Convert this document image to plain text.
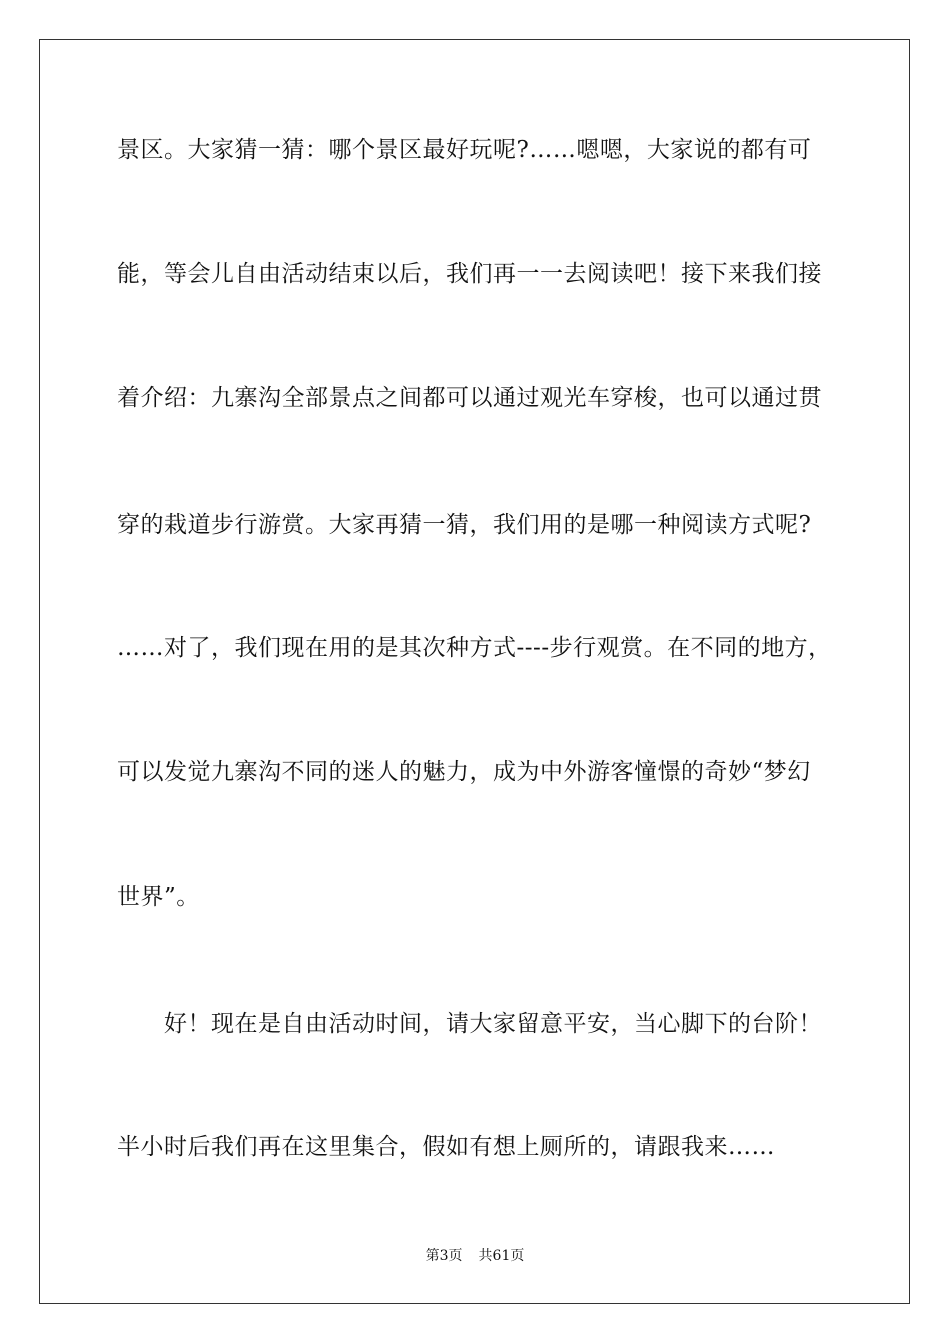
景区。大家猜一猜：哪个景区最好玩呢?……嗯嗯，大家说的都有可
能，等会儿自由活动结束以后，我们再一一去阅读吧！接下来我们接
着介绍：九寨沟全部景点之间都可以通过观光车穿梭，也可以通过贯
穿的栽道步行游赏。大家再猜一猜，我们用的是哪一种阅读方式呢?
……对了，我们现在用的是其次种方式----步行观赏。在不同的地方，
可以发觉九寨沟不同的迷人的魅力，成为中外游客憧憬的奇妙“梦幻
世界”。
好！现在是自由活动时间，请大家留意平安，当心脚下的台阶！
半小时后我们再在这里集合，假如有想上厕所的，请跟我来……
第3页 共61页
